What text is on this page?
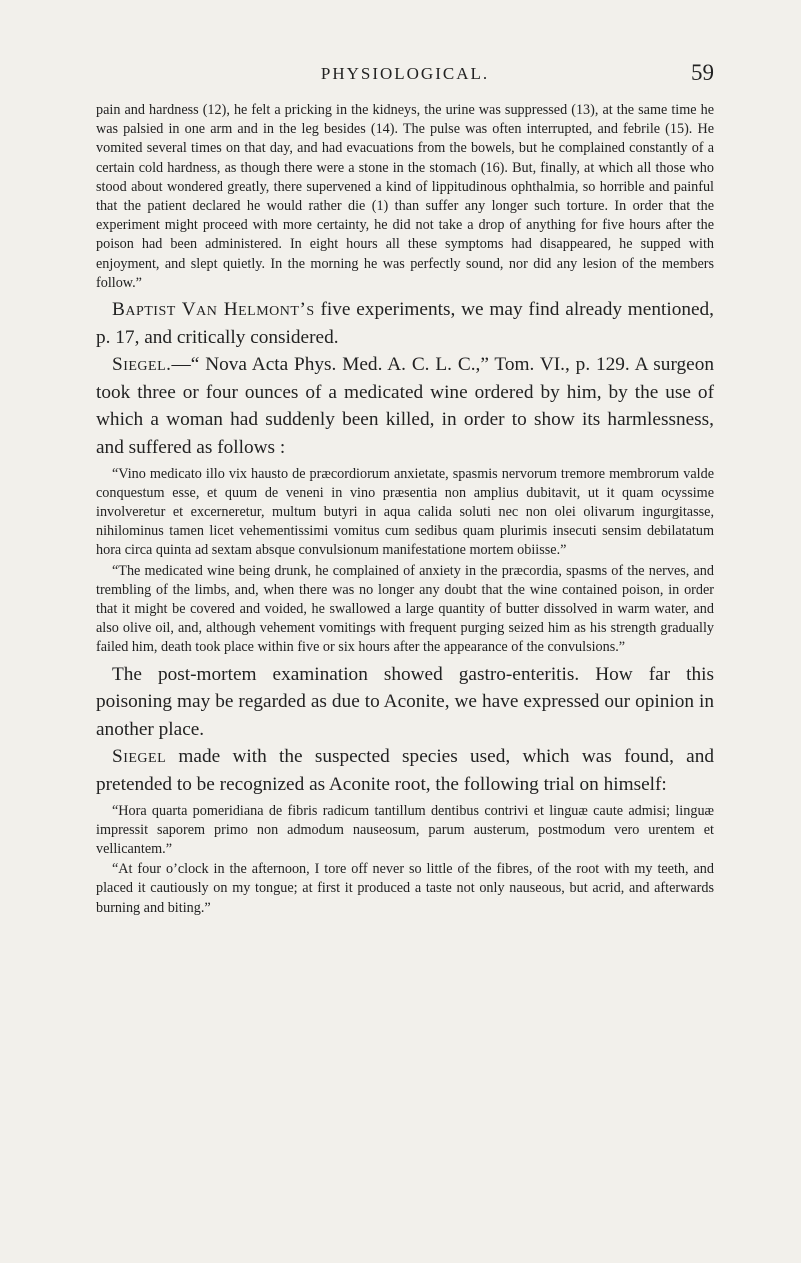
PHYSIOLOGICAL.	59

pain and hardness (12), he felt a pricking in the kidneys, the urine was suppressed (13), at the same time he was palsied in one arm and in the leg besides (14). The pulse was often interrupted, and febrile (15). He vomited several times on that day, and had evacuations from the bowels, but he complained constantly of a certain cold hardness, as though there were a stone in the stomach (16). But, finally, at which all those who stood about wondered greatly, there supervened a kind of lippitudinous ophthalmia, so horrible and painful that the patient declared he would rather die (1) than suffer any longer such torture. In order that the experiment might proceed with more certainty, he did not take a drop of anything for five hours after the poison had been administered. In eight hours all these symptoms had disappeared, he supped with enjoyment, and slept quietly. In the morning he was perfectly sound, nor did any lesion of the members follow.”

Baptist Van Helmont’s five experiments, we may find already mentioned, p. 17, and critically considered.

Siegel.—“ Nova Acta Phys. Med. A. C. L. C.,” Tom. VI., p. 129. A surgeon took three or four ounces of a medicated wine ordered by him, by the use of which a woman had suddenly been killed, in order to show its harmlessness, and suffered as follows :

“Vino medicato illo vix hausto de præcordiorum anxietate, spasmis nervorum tremore membrorum valde conquestum esse, et quum de veneni in vino præsentia non amplius dubitavit, ut it quam ocyssime involveretur et excerneretur, multum butyri in aqua calida soluti nec non olei olivarum ingurgitasse, nihilominus tamen licet vehementissimi vomitus cum sedibus quam plurimis insecuti sensim debilatatum hora circa quinta ad sextam absque convulsionum manifestatione mortem obiisse.”

“The medicated wine being drunk, he complained of anxiety in the præcordia, spasms of the nerves, and trembling of the limbs, and, when there was no longer any doubt that the wine contained poison, in order that it might be covered and voided, he swallowed a large quantity of butter dissolved in warm water, and also olive oil, and, although vehement vomitings with frequent purging seized him as his strength gradually failed him, death took place within five or six hours after the appearance of the convulsions.”

The post-mortem examination showed gastro-enteritis. How far this poisoning may be regarded as due to Aconite, we have expressed our opinion in another place.

Siegel made with the suspected species used, which was found, and pretended to be recognized as Aconite root, the following trial on himself:

“Hora quarta pomeridiana de fibris radicum tantillum dentibus contrivi et linguæ caute admisi; linguæ impressit saporem primo non admodum nauseosum, parum austerum, postmodum vero urentem et vellicantem.”

“At four o’clock in the afternoon, I tore off never so little of the fibres, of the root with my teeth, and placed it cautiously on my tongue; at first it produced a taste not only nauseous, but acrid, and afterwards burning and biting.”
